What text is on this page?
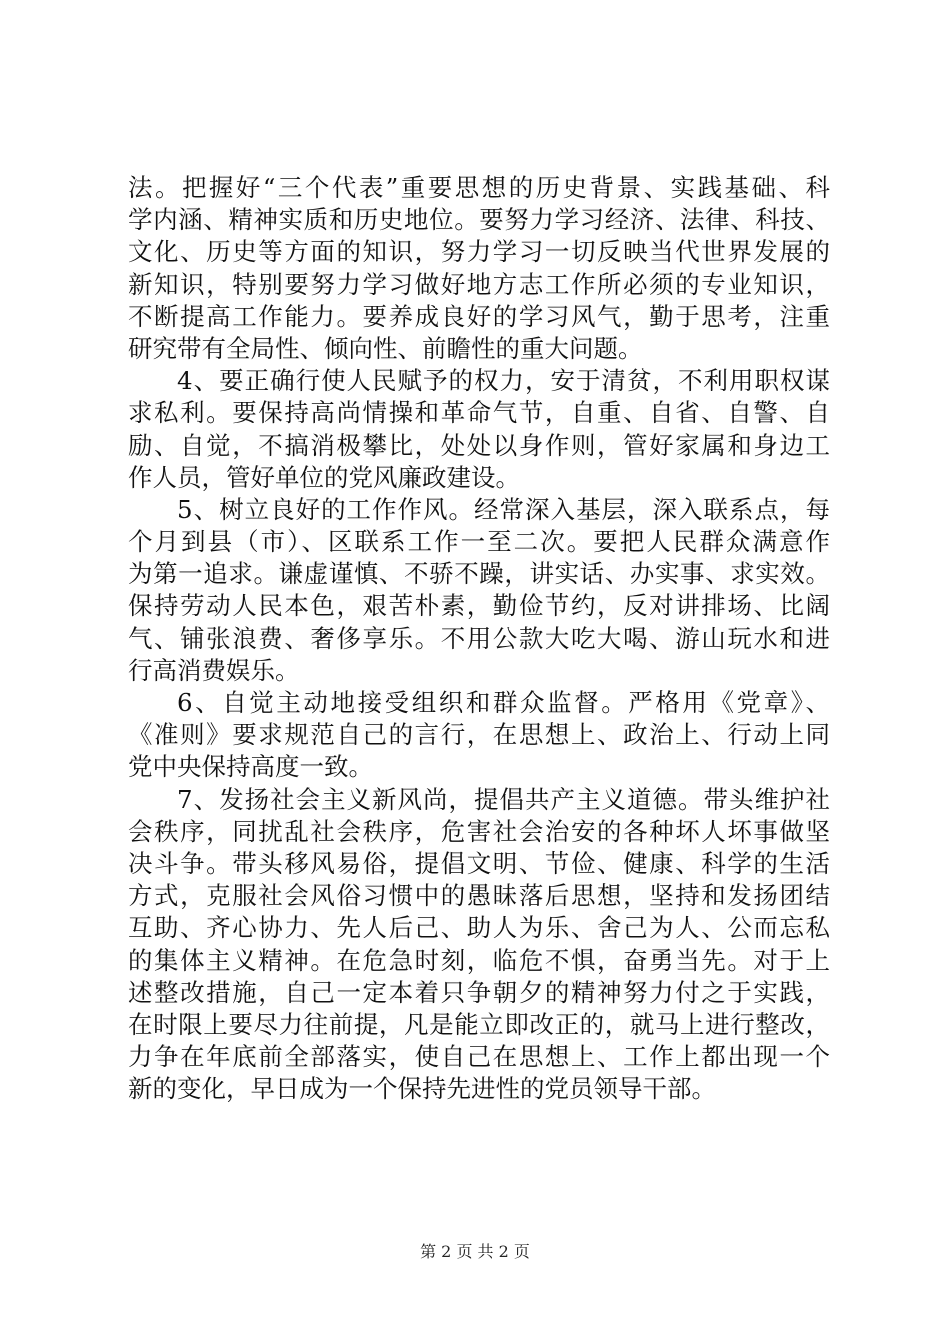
法。把握好“三个代表”重要思想的历史背景、实践基础、科
学内涵、精神实质和历史地位。要努力学习经济、法律、科技、
文化、历史等方面的知识，努力学习一切反映当代世界发展的
新知识，特别要努力学习做好地方志工作所必须的专业知识，
不断提高工作能力。要养成良好的学习风气，勤于思考，注重
研究带有全局性、倾向性、前瞻性的重大问题。
4、要正确行使人民赋予的权力，安于清贫，不利用职权谋
求私利。要保持高尚情操和革命气节，自重、自省、自警、自
励、自觉，不搞消极攀比，处处以身作则，管好家属和身边工
作人员，管好单位的党风廉政建设。
5、树立良好的工作作风。经常深入基层，深入联系点，每
个月到县（市）、区联系工作一至二次。要把人民群众满意作
为第一追求。谦虚谨慎、不骄不躁，讲实话、办实事、求实效。
保持劳动人民本色，艰苦朴素，勤俭节约，反对讲排场、比阔
气、铺张浪费、奢侈享乐。不用公款大吃大喝、游山玩水和进
行高消费娱乐。
6、自觉主动地接受组织和群众监督。严格用《党章》、
《准则》要求规范自己的言行，在思想上、政治上、行动上同
党中央保持高度一致。
7、发扬社会主义新风尚，提倡共产主义道德。带头维护社
会秩序，同扰乱社会秩序，危害社会治安的各种坏人坏事做坚
决斗争。带头移风易俗，提倡文明、节俭、健康、科学的生活
方式，克服社会风俗习惯中的愚昧落后思想，坚持和发扬团结
互助、齐心协力、先人后己、助人为乐、舍己为人、公而忘私
的集体主义精神。在危急时刻，临危不惧，奋勇当先。对于上
述整改措施，自己一定本着只争朝夕的精神努力付之于实践，
在时限上要尽力往前提，凡是能立即改正的，就马上进行整改，
力争在年底前全部落实，使自己在思想上、工作上都出现一个
新的变化，早日成为一个保持先进性的党员领导干部。
第 2 页 共 2 页
